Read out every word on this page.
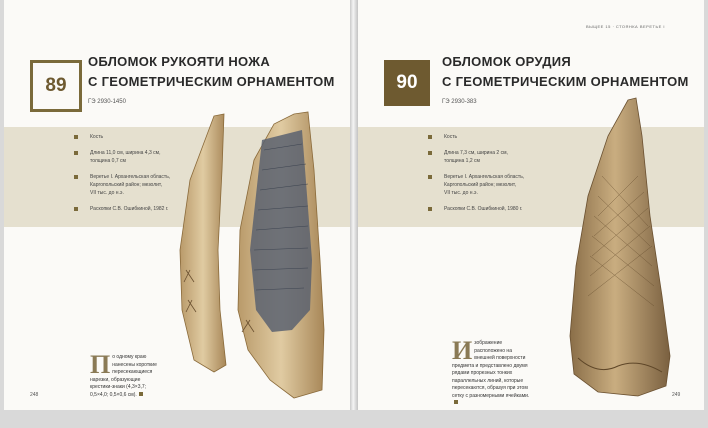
89
ОБЛОМОК РУКОЯТИ НОЖА
С ГЕОМЕТРИЧЕСКИМ ОРНАМЕНТОМ
ГЭ 2930-1450
Кость
Длина 11,0 см, ширина 4,3 см,
толщина 0,7 см
Веретье I. Архангельская область,
Каргопольский район; мезолит,
VII тыс. до н.э.
Раскопки С.В. Ошибкиной, 1982 г.
По одному краю нанесены короткие пересекающиеся нарезки, образующие крестики-знаки (4,3×3,7; 0,5×4,0; 0,5×0,6 см).
248
ВЫЩЕЕ 15 · СТОЯНКА ВЕРЕТЬЕ I
90
ОБЛОМОК ОРУДИЯ
С ГЕОМЕТРИЧЕСКИМ ОРНАМЕНТОМ
ГЭ 2930-383
Кость
Длина 7,3 см, ширина 2 см,
толщина 1,2 см
Веретье I. Архангельская область,
Каргопольский район; мезолит,
VII тыс. до н.э.
Раскопки С.В. Ошибкиной, 1980 г.
Изображение расположено на внешней поверхности предмета и представлено двумя рядами прорезных тонких параллельных линий, которые пересекаются, образуя при этом сетку с разномерными ячейками.	249
